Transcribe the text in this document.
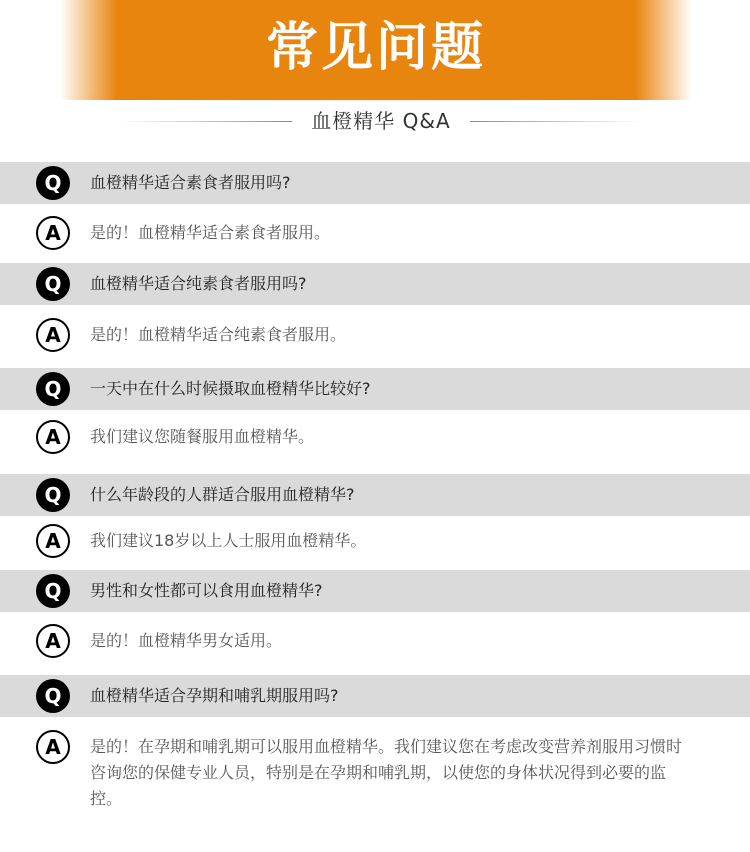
常见问题
血橙精华 Q&A
Q	血橙精华适合素食者服用吗?
A	是的！血橙精华适合素食者服用。
Q	血橙精华适合纯素食者服用吗?
A	是的！血橙精华适合纯素食者服用。
Q	一天中在什么时候摄取血橙精华比较好?
A	我们建议您随餐服用血橙精华。
Q	什么年龄段的人群适合服用血橙精华?
A	我们建议18岁以上人士服用血橙精华。
Q	男性和女性都可以食用血橙精华?
A	是的！血橙精华男女适用。
Q	血橙精华适合孕期和哺乳期服用吗?
A	是的！在孕期和哺乳期可以服用血橙精华。我们建议您在考虑改变营养剂服用习惯时咨询您的保健专业人员，特别是在孕期和哺乳期，以使您的身体状况得到必要的监控。
